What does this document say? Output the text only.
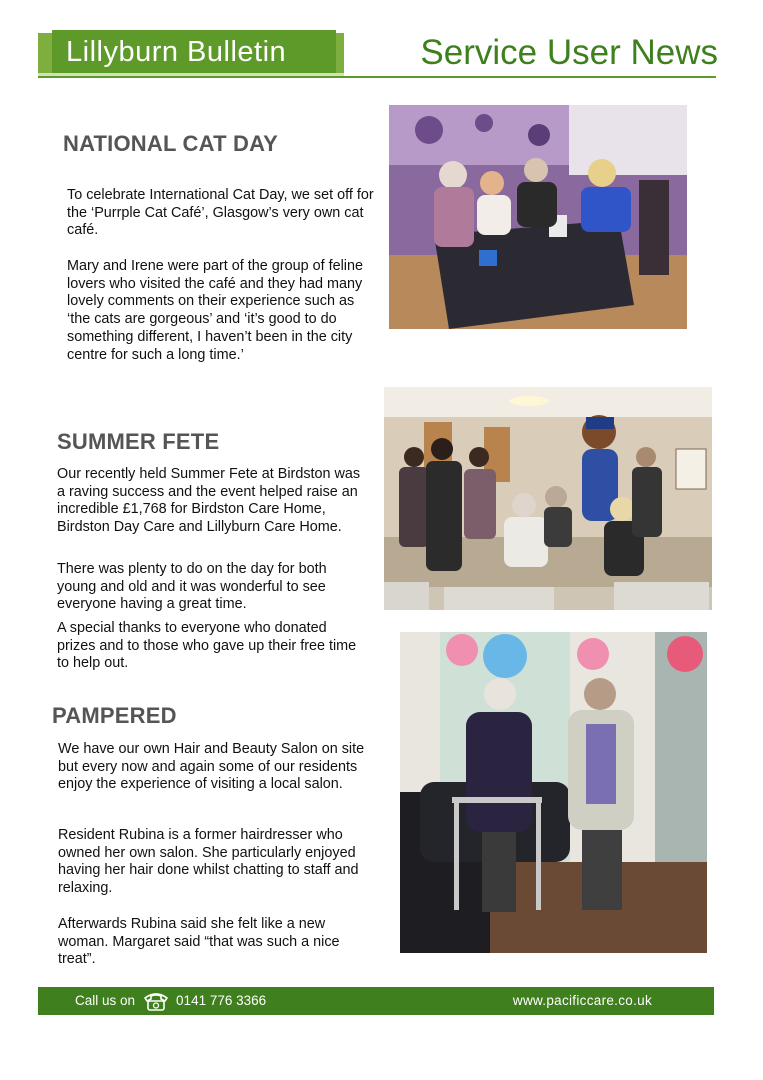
Lillyburn Bulletin	Service User News
NATIONAL CAT DAY

To celebrate International Cat Day, we set off for the ‘Purrple Cat Café’, Glasgow’s very own cat café.

Mary and Irene were part of the group of feline lovers who visited the café and they had many lovely comments on their experience such as ‘the cats are gorgeous’ and ‘it’s good to do something different, I haven’t been in the city centre for such a long time.’

SUMMER FETE

Our recently held Summer Fete at Birdston was a raving success and the event helped raise an incredible £1,768 for Birdston Care Home, Birdston Day Care and Lillyburn Care Home.

There was plenty to do on the day for both young and old and it was wonderful to see everyone having a great time.

A special thanks to everyone who donated prizes and to those who gave up their free time to help out.

PAMPERED

We have our own Hair and Beauty Salon on site but every now and again some of our residents enjoy the experience of visiting a local salon.

Resident Rubina is a former hairdresser who owned her own salon. She particularly enjoyed having her hair done whilst chatting to staff and relaxing.

Afterwards Rubina said she felt like a new woman. Margaret said “that was such a nice treat”.

Call us on	0141 776 3366	www.pacificcare.co.uk
